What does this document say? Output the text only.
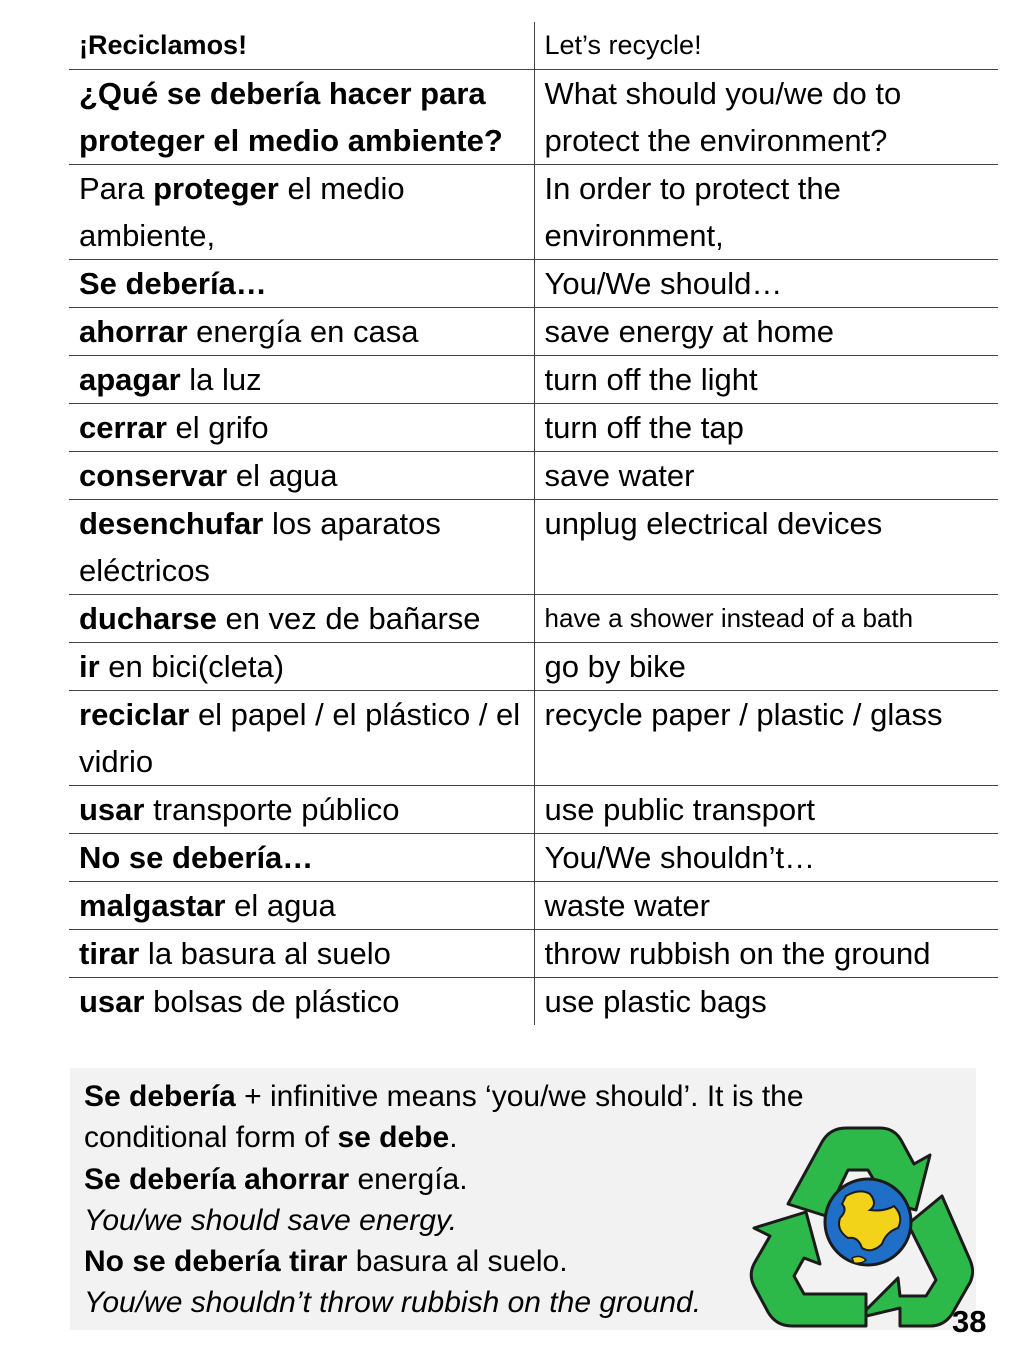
¡Reciclamos!	Let’s recycle!
¿Qué se debería hacer para proteger el medio ambiente?	What should you/we do to protect the environment?
Para proteger el medio ambiente,	In order to protect the environment,
Se debería…	You/We should…
ahorrar energía en casa	save energy at home
apagar la luz	turn off the light
cerrar el grifo	turn off the tap
conservar el agua	save water
desenchufar los aparatos eléctricos	unplug electrical devices
ducharse en vez de bañarse	have a shower instead of a bath
ir en bici(cleta)	go by bike
reciclar el papel / el plástico / el vidrio	recycle paper / plastic / glass
usar transporte público	use public transport
No se debería…	You/We shouldn’t…
malgastar el agua	waste water
tirar la basura al suelo	throw rubbish on the ground
usar bolsas de plástico	use plastic bags
Se debería + infinitive means ‘you/we should’. It is the
conditional form of se debe.
Se debería ahorrar energía.
You/we should save energy.
No se debería tirar basura al suelo.
You/we shouldn’t throw rubbish on the ground.
38
